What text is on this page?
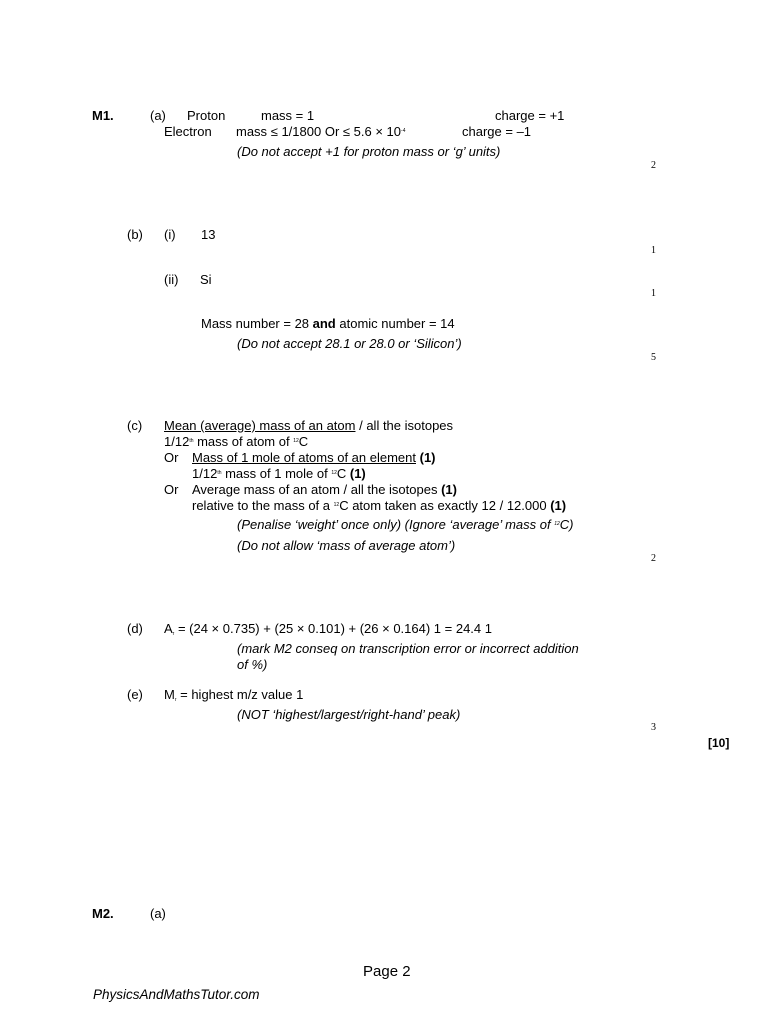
M1.	(a) Proton	mass = 1	charge = +1
Electron mass ≤ 1/1800 $Or \le 5.6 \times 10^{-4}$	charge = –1
(Do not accept +1 for proton mass or ‘g’ units)
2
(b) (i) 13
1
(ii) Si
1
Mass number = 28 and atomic number = 14
(Do not accept 28.1 or 28.0 or ‘Silicon’)
5
(c) Mean (average) mass of an atom / all the isotopes
1/12th mass of atom of $^{12}$C
Or Mass of 1 mole of atoms of an element (1)
1/12th mass of 1 mole of $^{12}$C (1)
Or Average mass of an atom / all the isotopes (1)
relative to the mass of a $^{12}$C atom taken as exactly 12 / 12.000 (1)
(Penalise ‘weight’ once only) (Ignore ‘average’ mass of $^{12}$C)
(Do not allow ‘mass of average atom’)
2
(d) Ar = (24 × 0.735) + (25 × 0.101) + (26 × 0.164) 1 = 24.4 1
(mark M2 conseq on transcription error or incorrect addition
of %)
(e) Mr = highest m/z value 1
(NOT ‘highest/largest/right-hand’ peak)
3
[10]
M2.	(a)
Page 2
PhysicsAndMathsTutor.com
